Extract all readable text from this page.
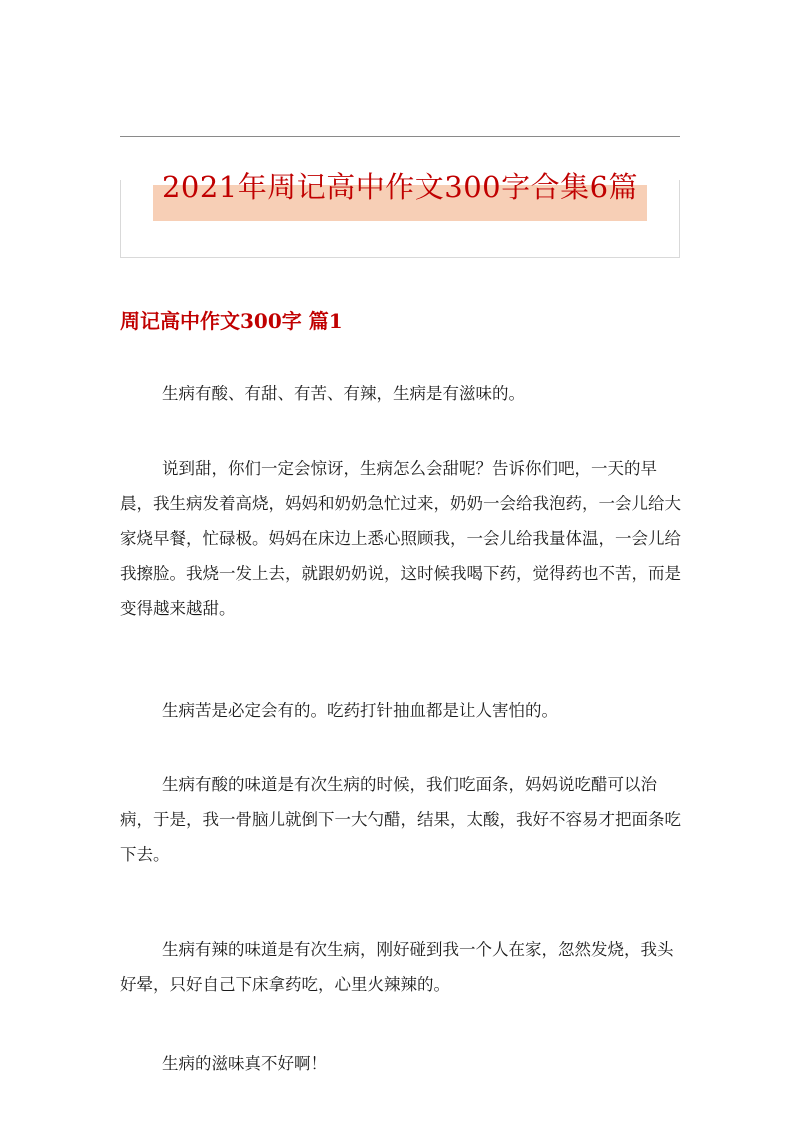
2021年周记高中作文300字合集6篇
周记高中作文300字 篇1

生病有酸、有甜、有苦、有辣，生病是有滋味的。

说到甜，你们一定会惊讶，生病怎么会甜呢？告诉你们吧，一天的早晨，我生病发着高烧，妈妈和奶奶急忙过来，奶奶一会给我泡药，一会儿给大家烧早餐，忙碌极。妈妈在床边上悉心照顾我，一会儿给我量体温，一会儿给我擦脸。我烧一发上去，就跟奶奶说，这时候我喝下药，觉得药也不苦，而是变得越来越甜。

生病苦是必定会有的。吃药打针抽血都是让人害怕的。

生病有酸的味道是有次生病的时候，我们吃面条，妈妈说吃醋可以治病，于是，我一骨脑儿就倒下一大勺醋，结果，太酸，我好不容易才把面条吃下去。

生病有辣的味道是有次生病，刚好碰到我一个人在家，忽然发烧，我头好晕，只好自己下床拿药吃，心里火辣辣的。

生病的滋味真不好啊！
